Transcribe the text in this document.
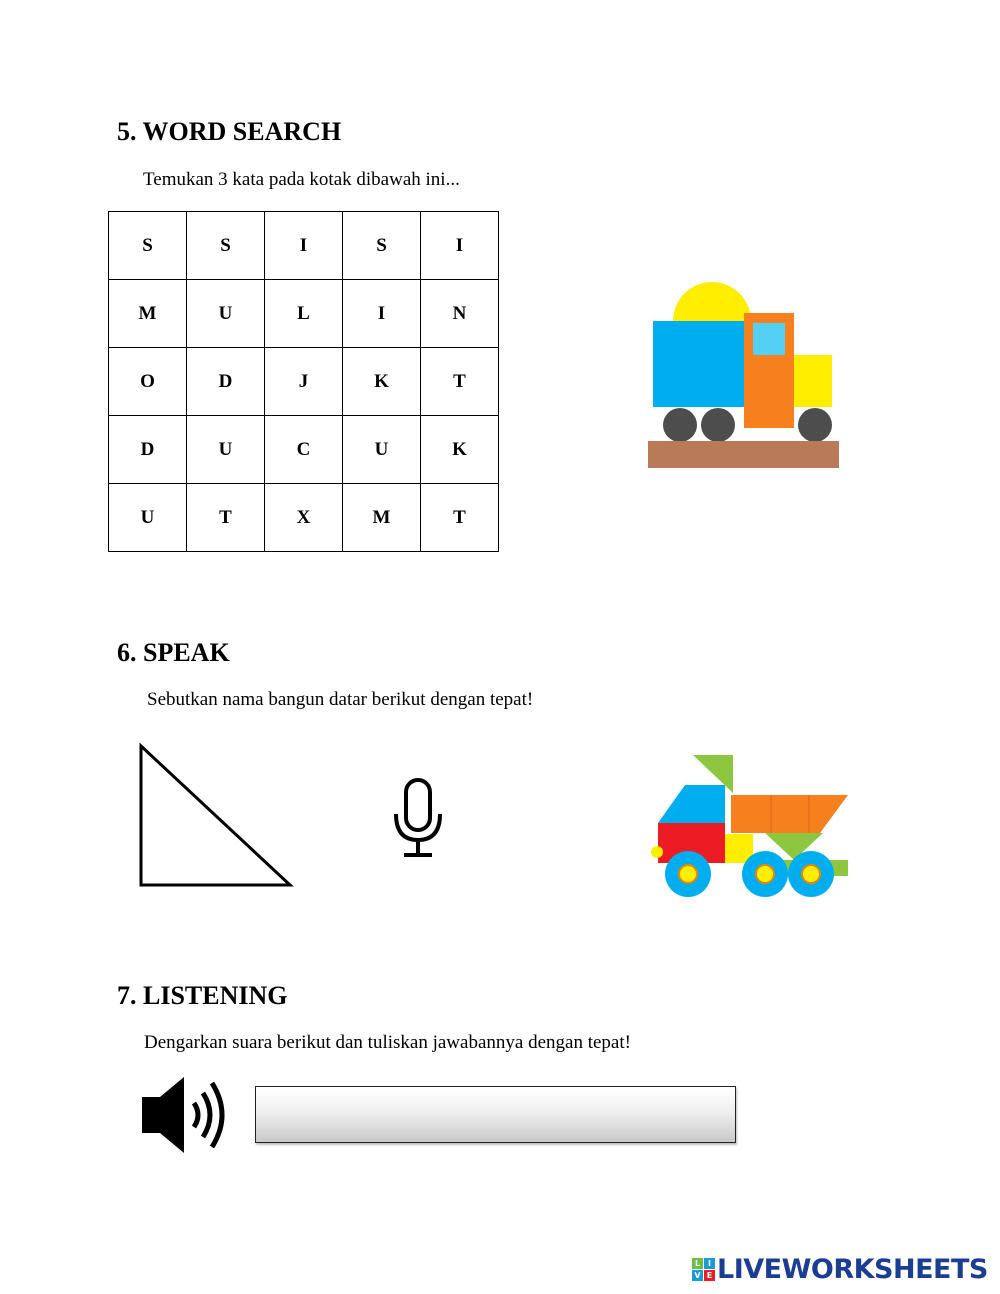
5. WORD SEARCH
Temukan 3 kata pada kotak dibawah ini...
S	S	I	S	I
M	U	L	I	N
O	D	J	K	T
D	U	C	U	K
U	T	X	M	T
6. SPEAK
Sebutkan nama bangun datar berikut dengan tepat!
7. LISTENING
Dengarkan suara berikut dan tuliskan jawabannya dengan tepat!
L I
V E LIVEWORKSHEETS
